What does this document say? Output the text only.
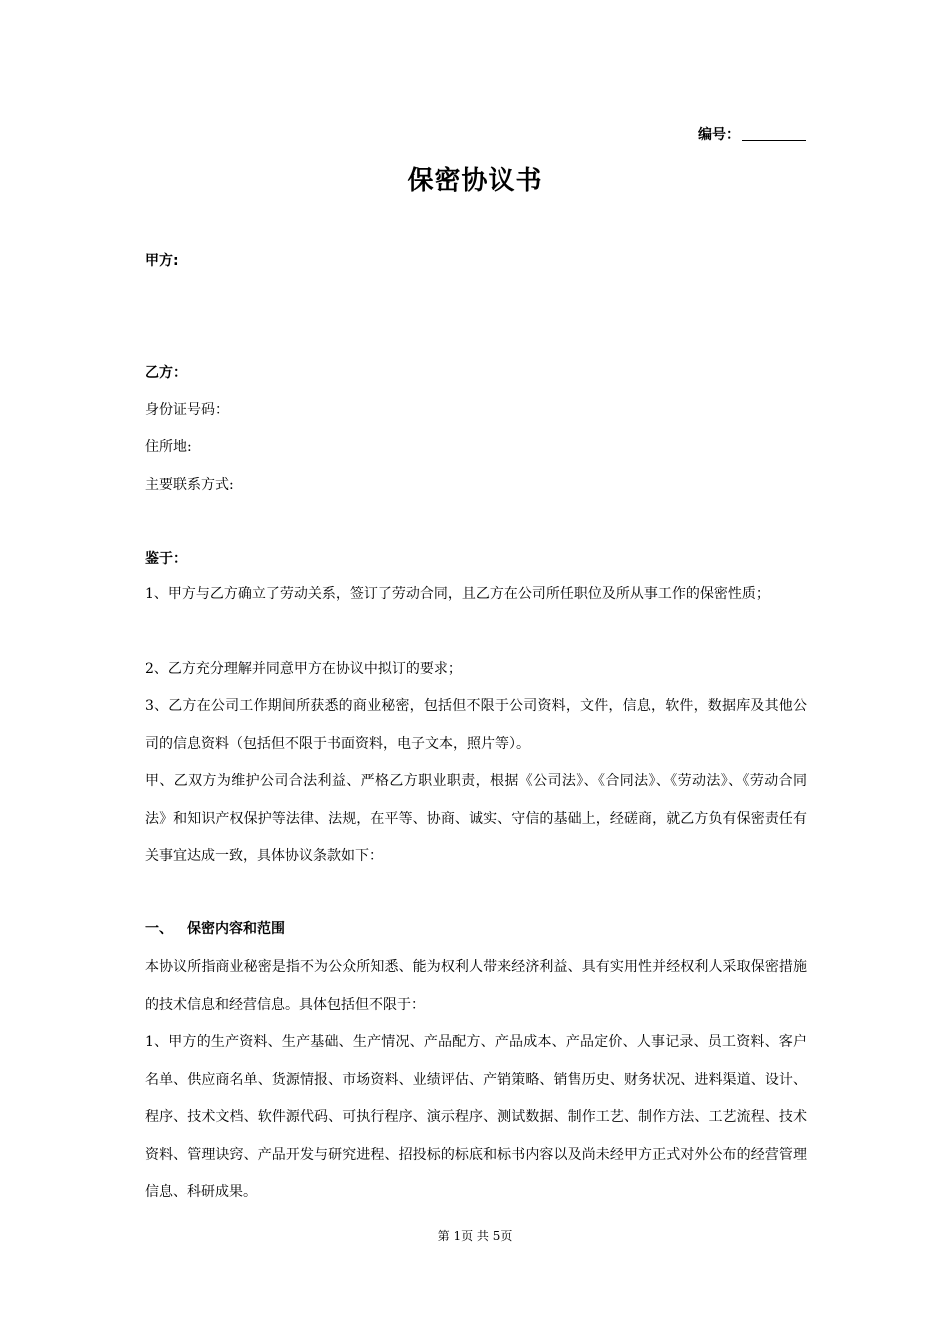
编号：
保密协议书
甲方:
乙方：
身份证号码：
住所地:
主要联系方式:
鉴于：
1、甲方与乙方确立了劳动关系，签订了劳动合同，且乙方在公司所任职位及所从事工作的保密性质；
2、乙方充分理解并同意甲方在协议中拟订的要求；
3、乙方在公司工作期间所获悉的商业秘密，包括但不限于公司资料，文件，信息，软件，数据库及其他公司的信息资料（包括但不限于书面资料，电子文本，照片等）。
甲、乙双方为维护公司合法利益、严格乙方职业职责，根据《公司法》、《合同法》、《劳动法》、《劳动合同法》和知识产权保护等法律、法规，在平等、协商、诚实、守信的基础上，经磋商，就乙方负有保密责任有关事宜达成一致，具体协议条款如下：
一、 保密内容和范围
本协议所指商业秘密是指不为公众所知悉、能为权利人带来经济利益、具有实用性并经权利人采取保密措施的技术信息和经营信息。具体包括但不限于：
1、甲方的生产资料、生产基础、生产情况、产品配方、产品成本、产品定价、人事记录、员工资料、客户名单、供应商名单、货源情报、市场资料、业绩评估、产销策略、销售历史、财务状况、进料渠道、设计、程序、技术文档、软件源代码、可执行程序、演示程序、测试数据、制作工艺、制作方法、工艺流程、技术资料、管理诀窍、产品开发与研究进程、招投标的标底和标书内容以及尚未经甲方正式对外公布的经营管理信息、科研成果。
第 1页 共 5页
